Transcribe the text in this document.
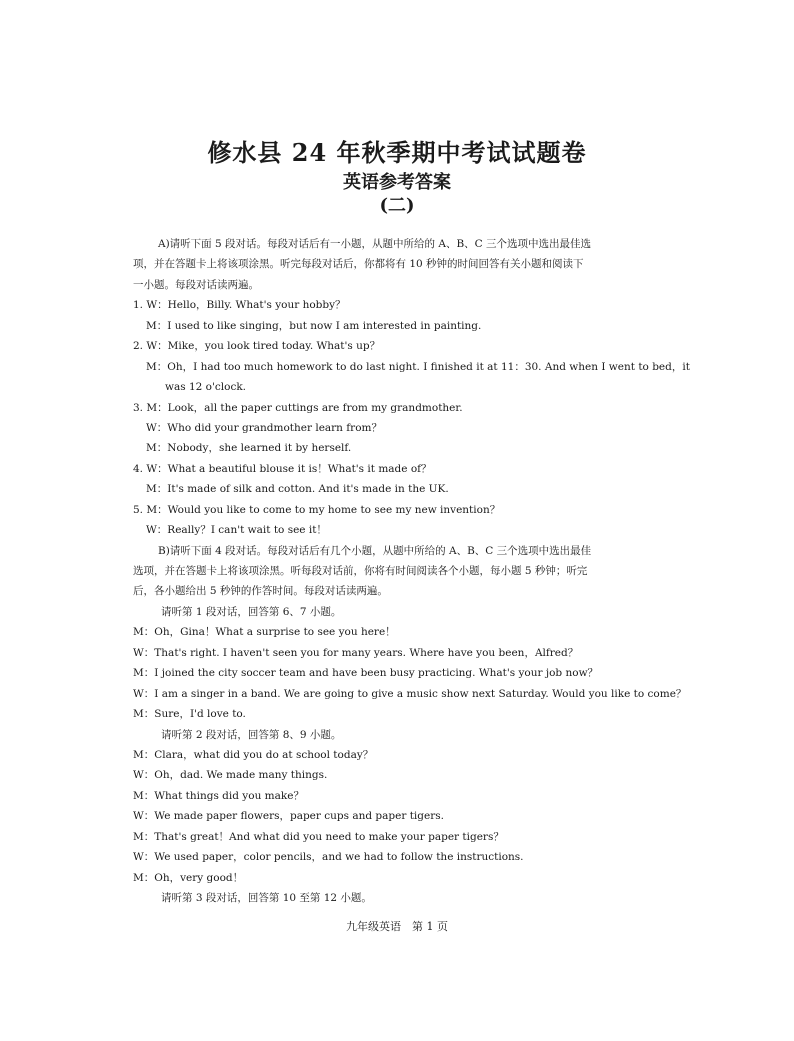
修水县 24 年秋季期中考试试题卷
英语参考答案
(二)
A)请听下面 5 段对话。每段对话后有一小题，从题中所给的 A、B、C 三个选项中选出最佳选
项，并在答题卡上将该项涂黑。听完每段对话后，你都将有 10 秒钟的时间回答有关小题和阅读下
一小题。每段对话读两遍。
1. W：Hello，Billy. What's your hobby？
M：I used to like singing，but now I am interested in painting.
2. W：Mike，you look tired today. What's up？
M：Oh，I had too much homework to do last night. I finished it at 11：30. And when I went to bed，it
was 12 o'clock.
3. M：Look，all the paper cuttings are from my grandmother.
W：Who did your grandmother learn from？
M：Nobody，she learned it by herself.
4. W：What a beautiful blouse it is！What's it made of？
M：It's made of silk and cotton. And it's made in the UK.
5. M：Would you like to come to my home to see my new invention？
W：Really？I can't wait to see it！
B)请听下面 4 段对话。每段对话后有几个小题，从题中所给的 A、B、C 三个选项中选出最佳
选项，并在答题卡上将该项涂黑。听每段对话前，你将有时间阅读各个小题，每小题 5 秒钟；听完
后，各小题给出 5 秒钟的作答时间。每段对话读两遍。
请听第 1 段对话，回答第 6、7 小题。
M：Oh，Gina！What a surprise to see you here！
W：That's right. I haven't seen you for many years. Where have you been，Alfred？
M：I joined the city soccer team and have been busy practicing. What's your job now？
W：I am a singer in a band. We are going to give a music show next Saturday. Would you like to come？
M：Sure，I'd love to.
请听第 2 段对话，回答第 8、9 小题。
M：Clara，what did you do at school today？
W：Oh，dad. We made many things.
M：What things did you make？
W：We made paper flowers，paper cups and paper tigers.
M：That's great！And what did you need to make your paper tigers？
W：We used paper，color pencils，and we had to follow the instructions.
M：Oh，very good！
请听第 3 段对话，回答第 10 至第 12 小题。
九年级英语　第 1 页
